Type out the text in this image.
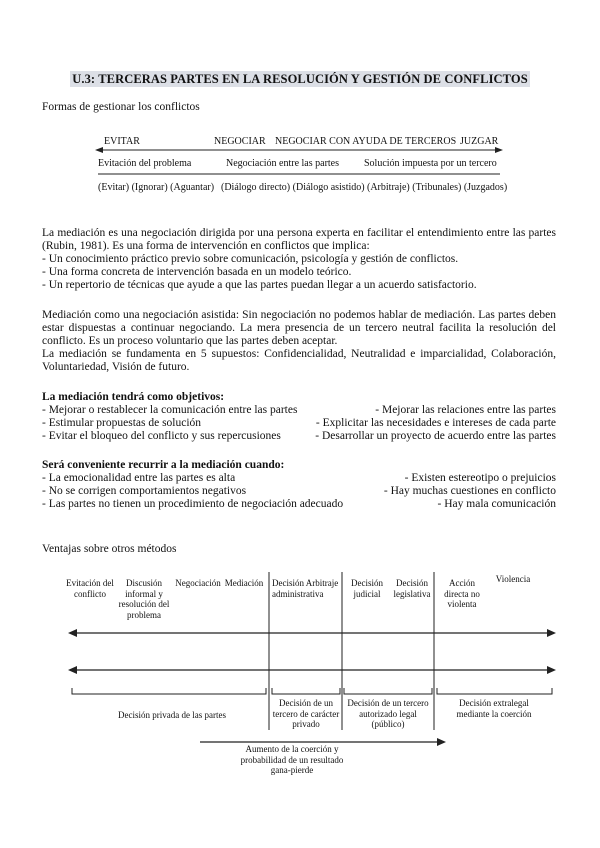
U.3: TERCERAS PARTES EN LA RESOLUCIÓN Y GESTIÓN DE CONFLICTOS
Formas de gestionar los conflictos
EVITAR	NEGOCIAR NEGOCIAR CON AYUDA DE TERCEROS JUZGAR
Evitación del problema	Negociación entre las partes Solución impuesta por un tercero
(Evitar) (Ignorar) (Aguantar) (Diálogo directo) (Diálogo asistido) (Arbitraje) (Tribunales) (Juzgados)
La mediación es una negociación dirigida por una persona experta en facilitar el entendimiento entre las partes (Rubin, 1981). Es una forma de intervención en conflictos que implica:
- Un conocimiento práctico previo sobre comunicación, psicología y gestión de conflictos.
- Una forma concreta de intervención basada en un modelo teórico.
- Un repertorio de técnicas que ayude a que las partes puedan llegar a un acuerdo satisfactorio.
Mediación como una negociación asistida: Sin negociación no podemos hablar de mediación. Las partes deben estar dispuestas a continuar negociando. La mera presencia de un tercero neutral facilita la resolución del conflicto. Es un proceso voluntario que las partes deben aceptar.
La mediación se fundamenta en 5 supuestos: Confidencialidad, Neutralidad e imparcialidad, Colaboración, Voluntariedad, Visión de futuro.
La mediación tendrá como objetivos:
- Mejorar o restablecer la comunicación entre las partes	- Mejorar las relaciones entre las partes
- Estimular propuestas de solución	- Explicitar las necesidades e intereses de cada parte
- Evitar el bloqueo del conflicto y sus repercusiones	- Desarrollar un proyecto de acuerdo entre las partes
Será conveniente recurrir a la mediación cuando:
- La emocionalidad entre las partes es alta	- Existen estereotipo o prejuicios
- No se corrigen comportamientos negativos	- Hay muchas cuestiones en conflicto
- Las partes no tienen un procedimiento de negociación adecuado	- Hay mala comunicación
Ventajas sobre otros métodos
Evitación del conflicto
Discusión informal y resolución del problema
Negociación Mediación Decisión Arbitraje administrativa
Decisión judicial
Decisión legislativa
Acción directa no violenta
Violencia
Decisión privada de las partes
Decisión de un tercero de carácter privado
Decisión de un tercero autorizado legal (público)
Decisión extralegal mediante la coerción
Aumento de la coerción y probabilidad de un resultado gana-pierde
